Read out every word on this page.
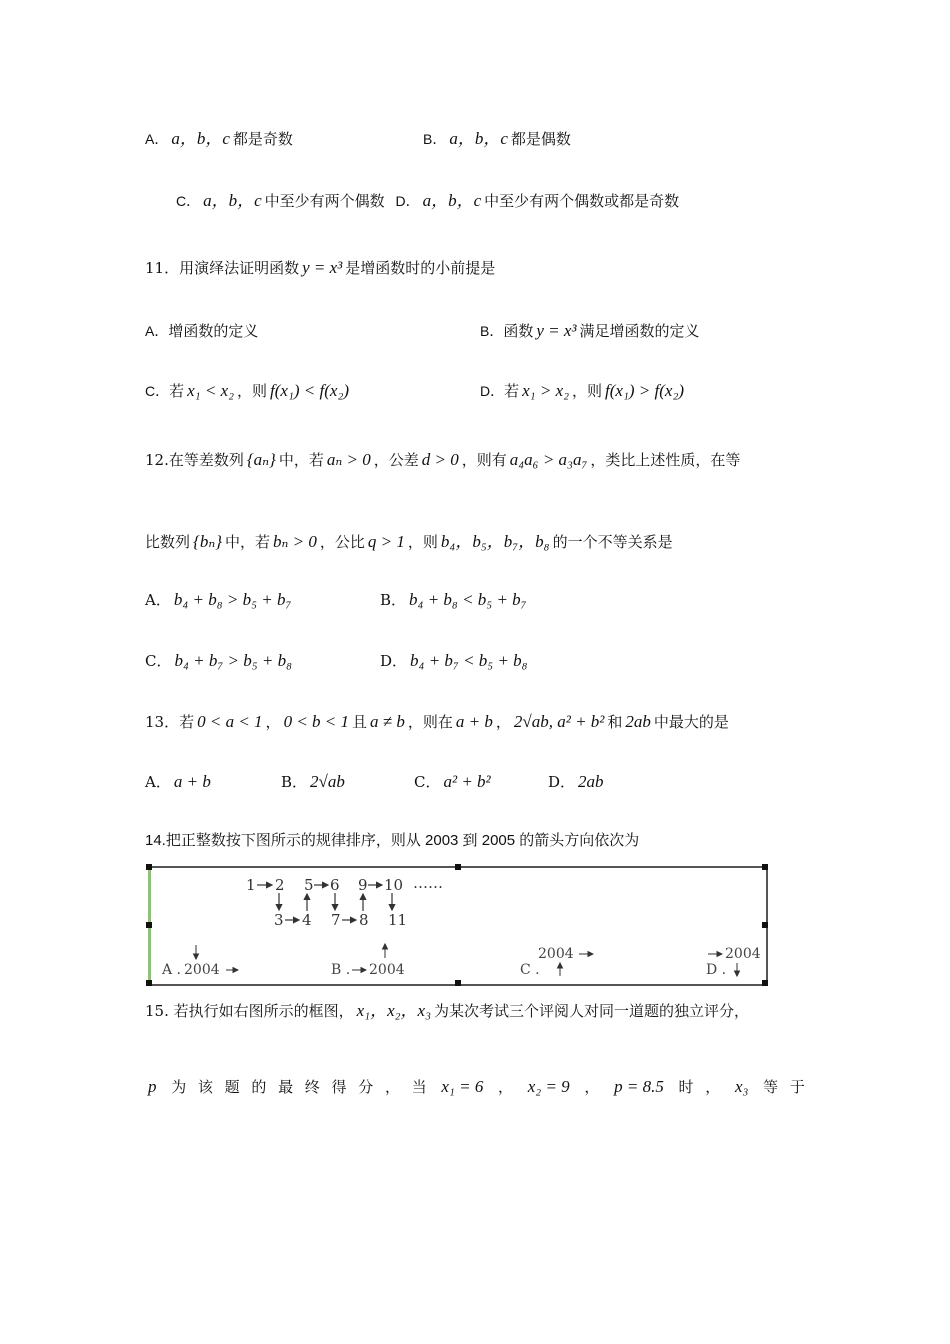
A． a，b，c 都是奇数	B． a，b，c 都是偶数
C． a，b，c 中至少有两个偶数 D． a，b，c 中至少有两个偶数或都是奇数
11．用演绎法证明函数 y = x³ 是增函数时的小前提是
A．增函数的定义	B．函数 y = x³ 满足增函数的定义
C．若 x₁ < x₂ ，则 f(x₁) < f(x₂)	D．若 x₁ > x₂ ，则 f(x₁) > f(x₂)
12.在等差数列 {aₙ} 中，若 aₙ > 0 ，公差 d > 0 ，则有 a₄a₆ > a₃a₇ ，类比上述性质，在等
比数列 {bₙ} 中，若 bₙ > 0 ，公比 q > 1 ，则 b₄，b₅，b₇，b₈ 的一个不等关系是
A． b₄ + b₈ > b₅ + b₇	B． b₄ + b₈ < b₅ + b₇
C． b₄ + b₇ > b₅ + b₈	D． b₄ + b₇ < b₅ + b₈
13．若 0 < a < 1 ， 0 < b < 1 且 a ≠ b ，则在 a + b ， 2√ab, a² + b² 和 2ab 中最大的是
A． a + b	B． 2√ab	C． a² + b²	D． 2ab
14.把正整数按下图所示的规律排序，则从 2003 到 2005 的箭头方向依次为
1 2 5 6 9 10 ……
3 4 7 8 11
A . 2004	B . 2004	C .
2004
D .
2004
15. 若执行如右图所示的框图， x₁，x₂，x₃ 为某次考试三个评阅人对同一道题的独立评分，
p 为 该 题 的 最 终 得 分 ， 当 x₁ = 6 ， x₂ = 9 ， p = 8.5 时 ， x₃ 等 于
